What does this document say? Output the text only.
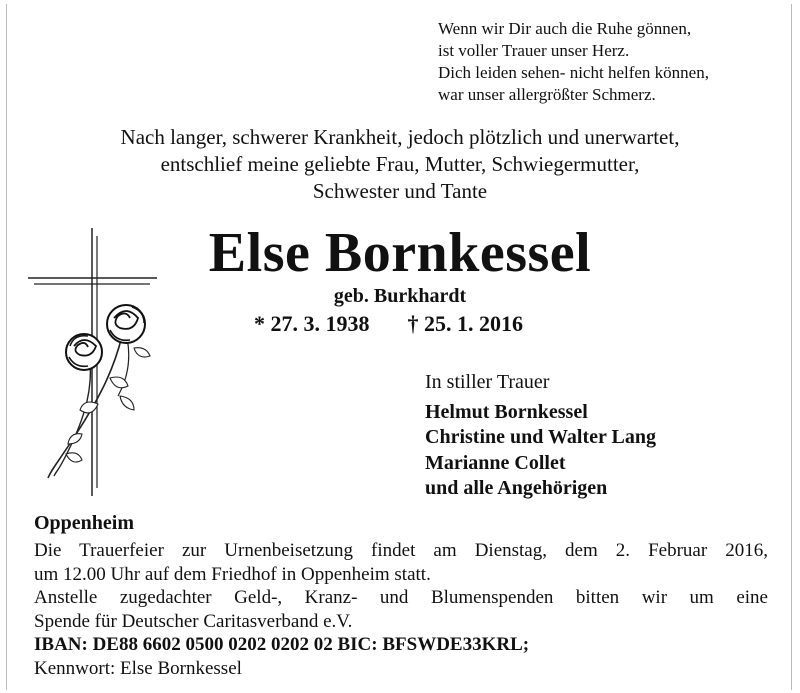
Wenn wir Dir auch die Ruhe gönnen,
ist voller Trauer unser Herz.
Dich leiden sehen- nicht helfen können,
war unser allergrößter Schmerz.
Nach langer, schwerer Krankheit, jedoch plötzlich und unerwartet,
entschlief meine geliebte Frau, Mutter, Schwiegermutter,
Schwester und Tante
Else Bornkessel
geb. Burkhardt
* 27. 3. 1938 † 25. 1. 2016
In stiller Trauer
Helmut Bornkessel
Christine und Walter Lang
Marianne Collet
und alle Angehörigen
Oppenheim
Die Trauerfeier zur Urnenbeisetzung findet am Dienstag, dem 2. Februar 2016,
um 12.00 Uhr auf dem Friedhof in Oppenheim statt.
Anstelle zugedachter Geld-, Kranz- und Blumenspenden bitten wir um eine
Spende für Deutscher Caritasverband e.V.
IBAN: DE88 6602 0500 0202 0202 02 BIC: BFSWDE33KRL;
Kennwort: Else Bornkessel
